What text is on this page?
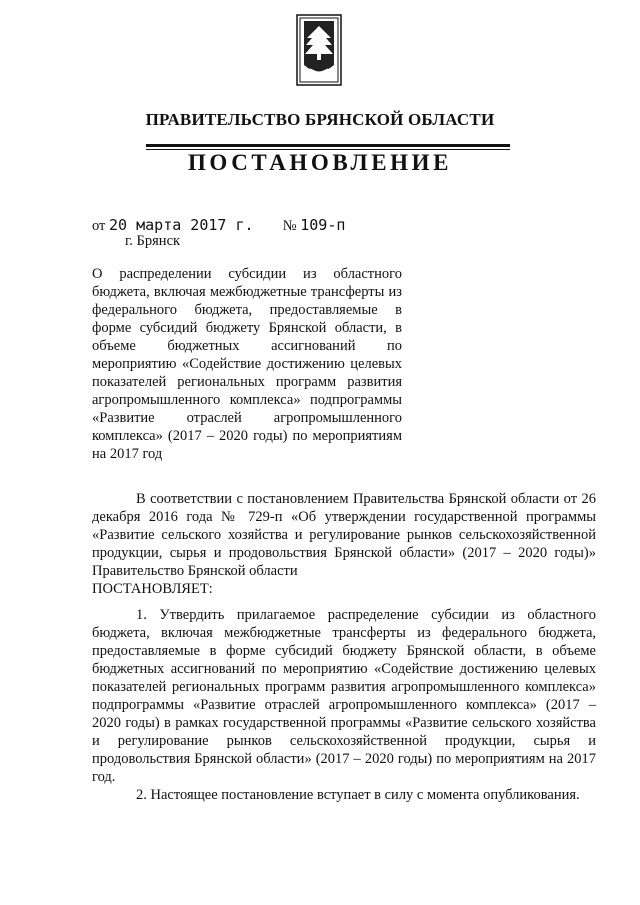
ПРАВИТЕЛЬСТВО БРЯНСКОЙ ОБЛАСТИ
ПОСТАНОВЛЕНИЕ
от 20 марта 2017 г. № 109-п
г. Брянск
О распределении субсидии из областного бюджета, включая межбюджетные трансферты из федерального бюджета, предоставляемые в форме субсидий бюджету Брянской области, в объеме бюджетных ассигнований по мероприятию «Содействие достижению целевых показателей региональных программ развития агропромышленного комплекса» подпрограммы «Развитие отраслей агропромышленного комплекса» (2017 – 2020 годы) по мероприятиям на 2017 год

В соответствии с постановлением Правительства Брянской области от 26 декабря 2016 года № 729-п «Об утверждении государственной программы «Развитие сельского хозяйства и регулирование рынков сельскохозяйственной продукции, сырья и продовольствия Брянской области» (2017 – 2020 годы)» Правительство Брянской области

ПОСТАНОВЛЯЕТ:

1. Утвердить прилагаемое распределение субсидии из областного бюджета, включая межбюджетные трансферты из федерального бюджета, предоставляемые в форме субсидий бюджету Брянской области, в объеме бюджетных ассигнований по мероприятию «Содействие достижению целевых показателей региональных программ развития агропромышленного комплекса» подпрограммы «Развитие отраслей агропромышленного комплекса» (2017 – 2020 годы) в рамках государственной программы «Развитие сельского хозяйства и регулирование рынков сельскохозяйственной продукции, сырья и продовольствия Брянской области» (2017 – 2020 годы) по мероприятиям на 2017 год.

2. Настоящее постановление вступает в силу с момента опубликования.
